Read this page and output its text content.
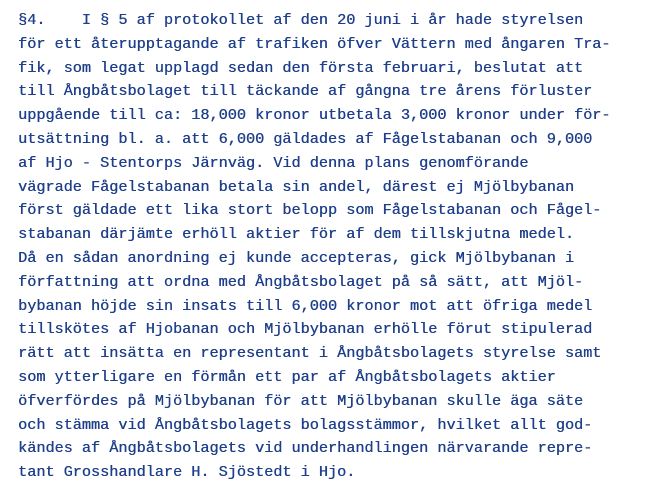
§4.    I § 5 af protokollet af den 20 juni i år hade styrelsen
för ett återupptagande af trafiken öfver Vättern med ångaren Tra-
fik, som legat upplagd sedan den första februari, beslutat att
till Ångbåtsbolaget till täckande af gångna tre årens förluster
uppgående till ca: 18,000 kronor utbetala 3,000 kronor under för-
utsättning bl. a. att 6,000 gäldades af Fågelstabanan och 9,000
af Hjo - Stentorps Järnväg. Vid denna plans genomförande
vägrade Fågelstabanan betala sin andel, därest ej Mjölbybanan
först gäldade ett lika stort belopp som Fågelstabanan och Fågel-
stabanan därjämte erhöll aktier för af dem tillskjutna medel.
Då en sådan anordning ej kunde accepteras, gick Mjölbybanan i
författning att ordna med Ångbåtsbolaget på så sätt, att Mjöl-
bybanan höjde sin insats till 6,000 kronor mot att öfriga medel
tillskötes af Hjobanan och Mjölbybanan erhölle förut stipulerad
rätt att insätta en representant i Ångbåtsbolagets styrelse samt
som ytterligare en förmån ett par af Ångbåtsbolagets aktier
öfverfördes på Mjölbybanan för att Mjölbybanan skulle äga säte
och stämma vid Ångbåtsbolagets bolagsstämmor, hvilket allt god-
kändes af Ångbåtsbolagets vid underhandlingen närvarande repre-
tant Grosshandlare H. Sjöstedt i Hjo.
